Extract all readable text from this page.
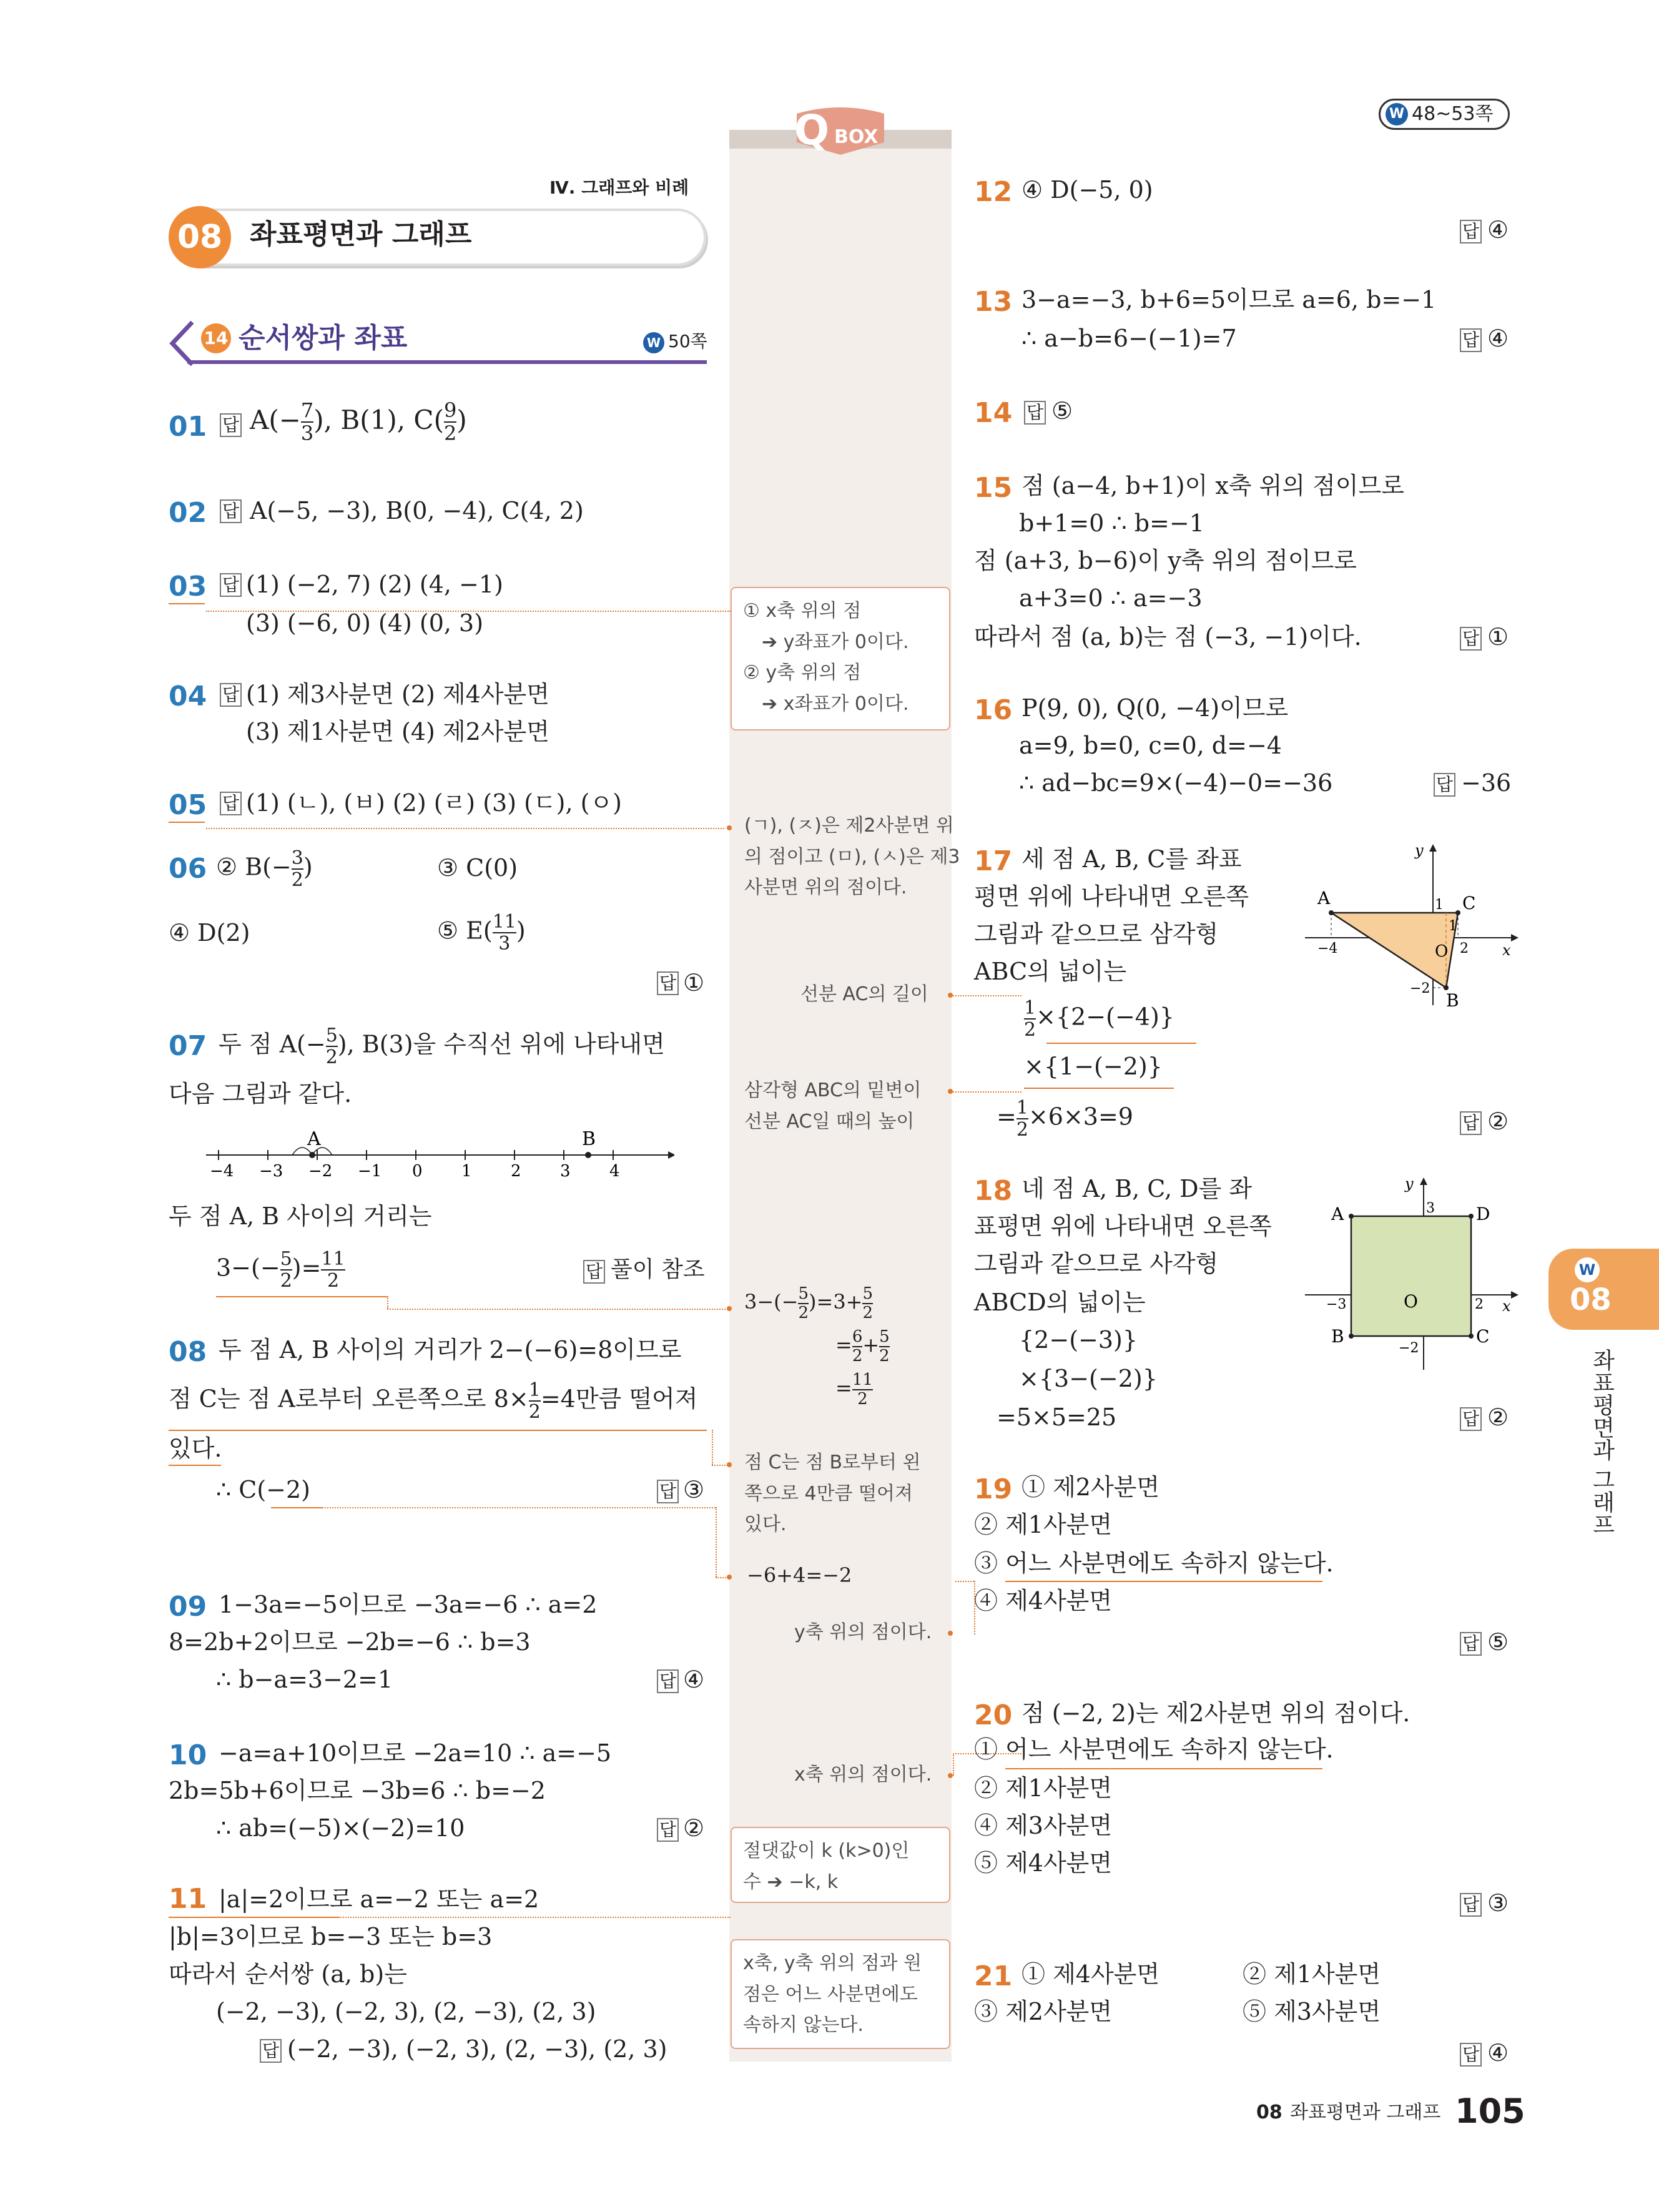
W 48~53쪽
Ⅳ. 그래프와 비례
08 좌표평면과 그래프
14 순서쌍과 좌표	W 50쪽
Q BOX
01 답 $A(- \frac{7}{3}$ ), B(1), $C( \frac{9}{2}$ )
02 답 A(−5, −3), B(0, −4), C(4, 2)
03 답 (1) (−2, 7) (2) (4, −1)
(3) (−6, 0) (4) (0, 3)
04 답 (1) 제3사분면 (2) 제4사분면
(3) 제1사분면 (4) 제2사분면
05 답 (1) (ㄴ), (ㅂ) (2) (ㄹ) (3) (ㄷ), (ㅇ)
06 ② $B(- \frac{3}{2}$ )	③ C(0)
④ D(2)	⑤ $E( \frac{11}{3}$ )
답 ①
07 두 점 $A(- \frac{5}{2}$ ), B(3)을 수직선 위에 나타내면
다음 그림과 같다.
−4 −3 −2 −1 0 1 2 3 4
A	B
두 점 A, B 사이의 거리는
$3-(- \frac{5}{2}$ )= $\frac{11}{2}$	답 풀이 참조
08 두 점 A, B 사이의 거리가 2−(−6)=8이므로
점 C는 점 A로부터 오른쪽으로 $8\times \frac{1}{2} =4$만큼 떨어져
있다.
∴ C(−2)	답 ③
09 1−3a=−5이므로 −3a=−6 ∴ a=2
8=2b+2이므로 −2b=−6 ∴ b=3
∴ b−a=3−2=1	답 ④
10 −a=a+10이므로 −2a=10 ∴ a=−5
2b=5b+6이므로 −3b=6 ∴ b=−2
∴ ab=(−5)×(−2)=10	답 ②
11 |a|=2이므로 a=−2 또는 a=2
|b|=3이므로 b=−3 또는 b=3
따라서 순서쌍 (a, b)는
(−2, −3), (−2, 3), (2, −3), (2, 3)
답 (−2, −3), (−2, 3), (2, −3), (2, 3)
① x축 위의 점
➔ y좌표가 0이다.
② y축 위의 점
➔ x좌표가 0이다.
(ㄱ), (ㅈ)은 제2사분면 위
의 점이고 (ㅁ), (ㅅ)은 제3
사분면 위의 점이다.
선분 AC의 길이
삼각형 ABC의 밑변이
선분 AC일 때의 높이
$3-(- \frac{5}{2} )=3+ \frac{5}{2}$
= $\frac{6}{2} + \frac{5}{2}$
= $\frac{11}{2}$
점 C는 점 B로부터 왼
쪽으로 4만큼 떨어져
있다.
−6+4=−2
y축 위의 점이다.
x축 위의 점이다.
절댓값이 k (k>0)인
수 ➔ −k, k
x축, y축 위의 점과 원
점은 어느 사분면에도
속하지 않는다.
12 ④ D(−5, 0)
답 ④
13 3−a=−3, b+6=5이므로 a=6, b=−1
∴ a−b=6−(−1)=7	답 ④
14 답 ⑤
15 점 (a−4, b+1)이 x축 위의 점이므로
b+1=0 ∴ b=−1
점 (a+3, b−6)이 y축 위의 점이므로
a+3=0 ∴ a=−3
따라서 점 (a, b)는 점 (−3, −1)이다.	답 ①
16 P(9, 0), Q(0, −4)이므로
a=9, b=0, c=0, d=−4
∴ ad−bc=9×(−4)−0=−36	답 −36
17 세 점 A, B, C를 좌표
평면 위에 나타내면 오른쪽
그림과 같으므로 삼각형
ABC의 넓이는
$\frac{1}{2} \times\{2-(-4)\}$
×{1−(−2)}
= $\frac{1}{2} \times 6\times 3=9$	답 ②
A	C
B
O	x
y
1
1
−2
−4	2
18 네 점 A, B, C, D를 좌
표평면 위에 나타내면 오른쪽
그림과 같으므로 사각형
ABCD의 넓이는
{2−(−3)}
×{3−(−2)}
=5×5=25	답 ②
A	D
B	C
O	x
y
3
−3
−2
2
19 ① 제2사분면
② 제1사분면
③ 어느 사분면에도 속하지 않는다.
④ 제4사분면
답 ⑤
20 점 (−2, 2)는 제2사분면 위의 점이다.
① 어느 사분면에도 속하지 않는다.
② 제1사분면
④ 제3사분면
⑤ 제4사분면
답 ③
21 ① 제4사분면	② 제1사분면
③ 제2사분면	⑤ 제3사분면
답 ④
W
08
좌표평면과 그래프
08 좌표평면과 그래프 105
